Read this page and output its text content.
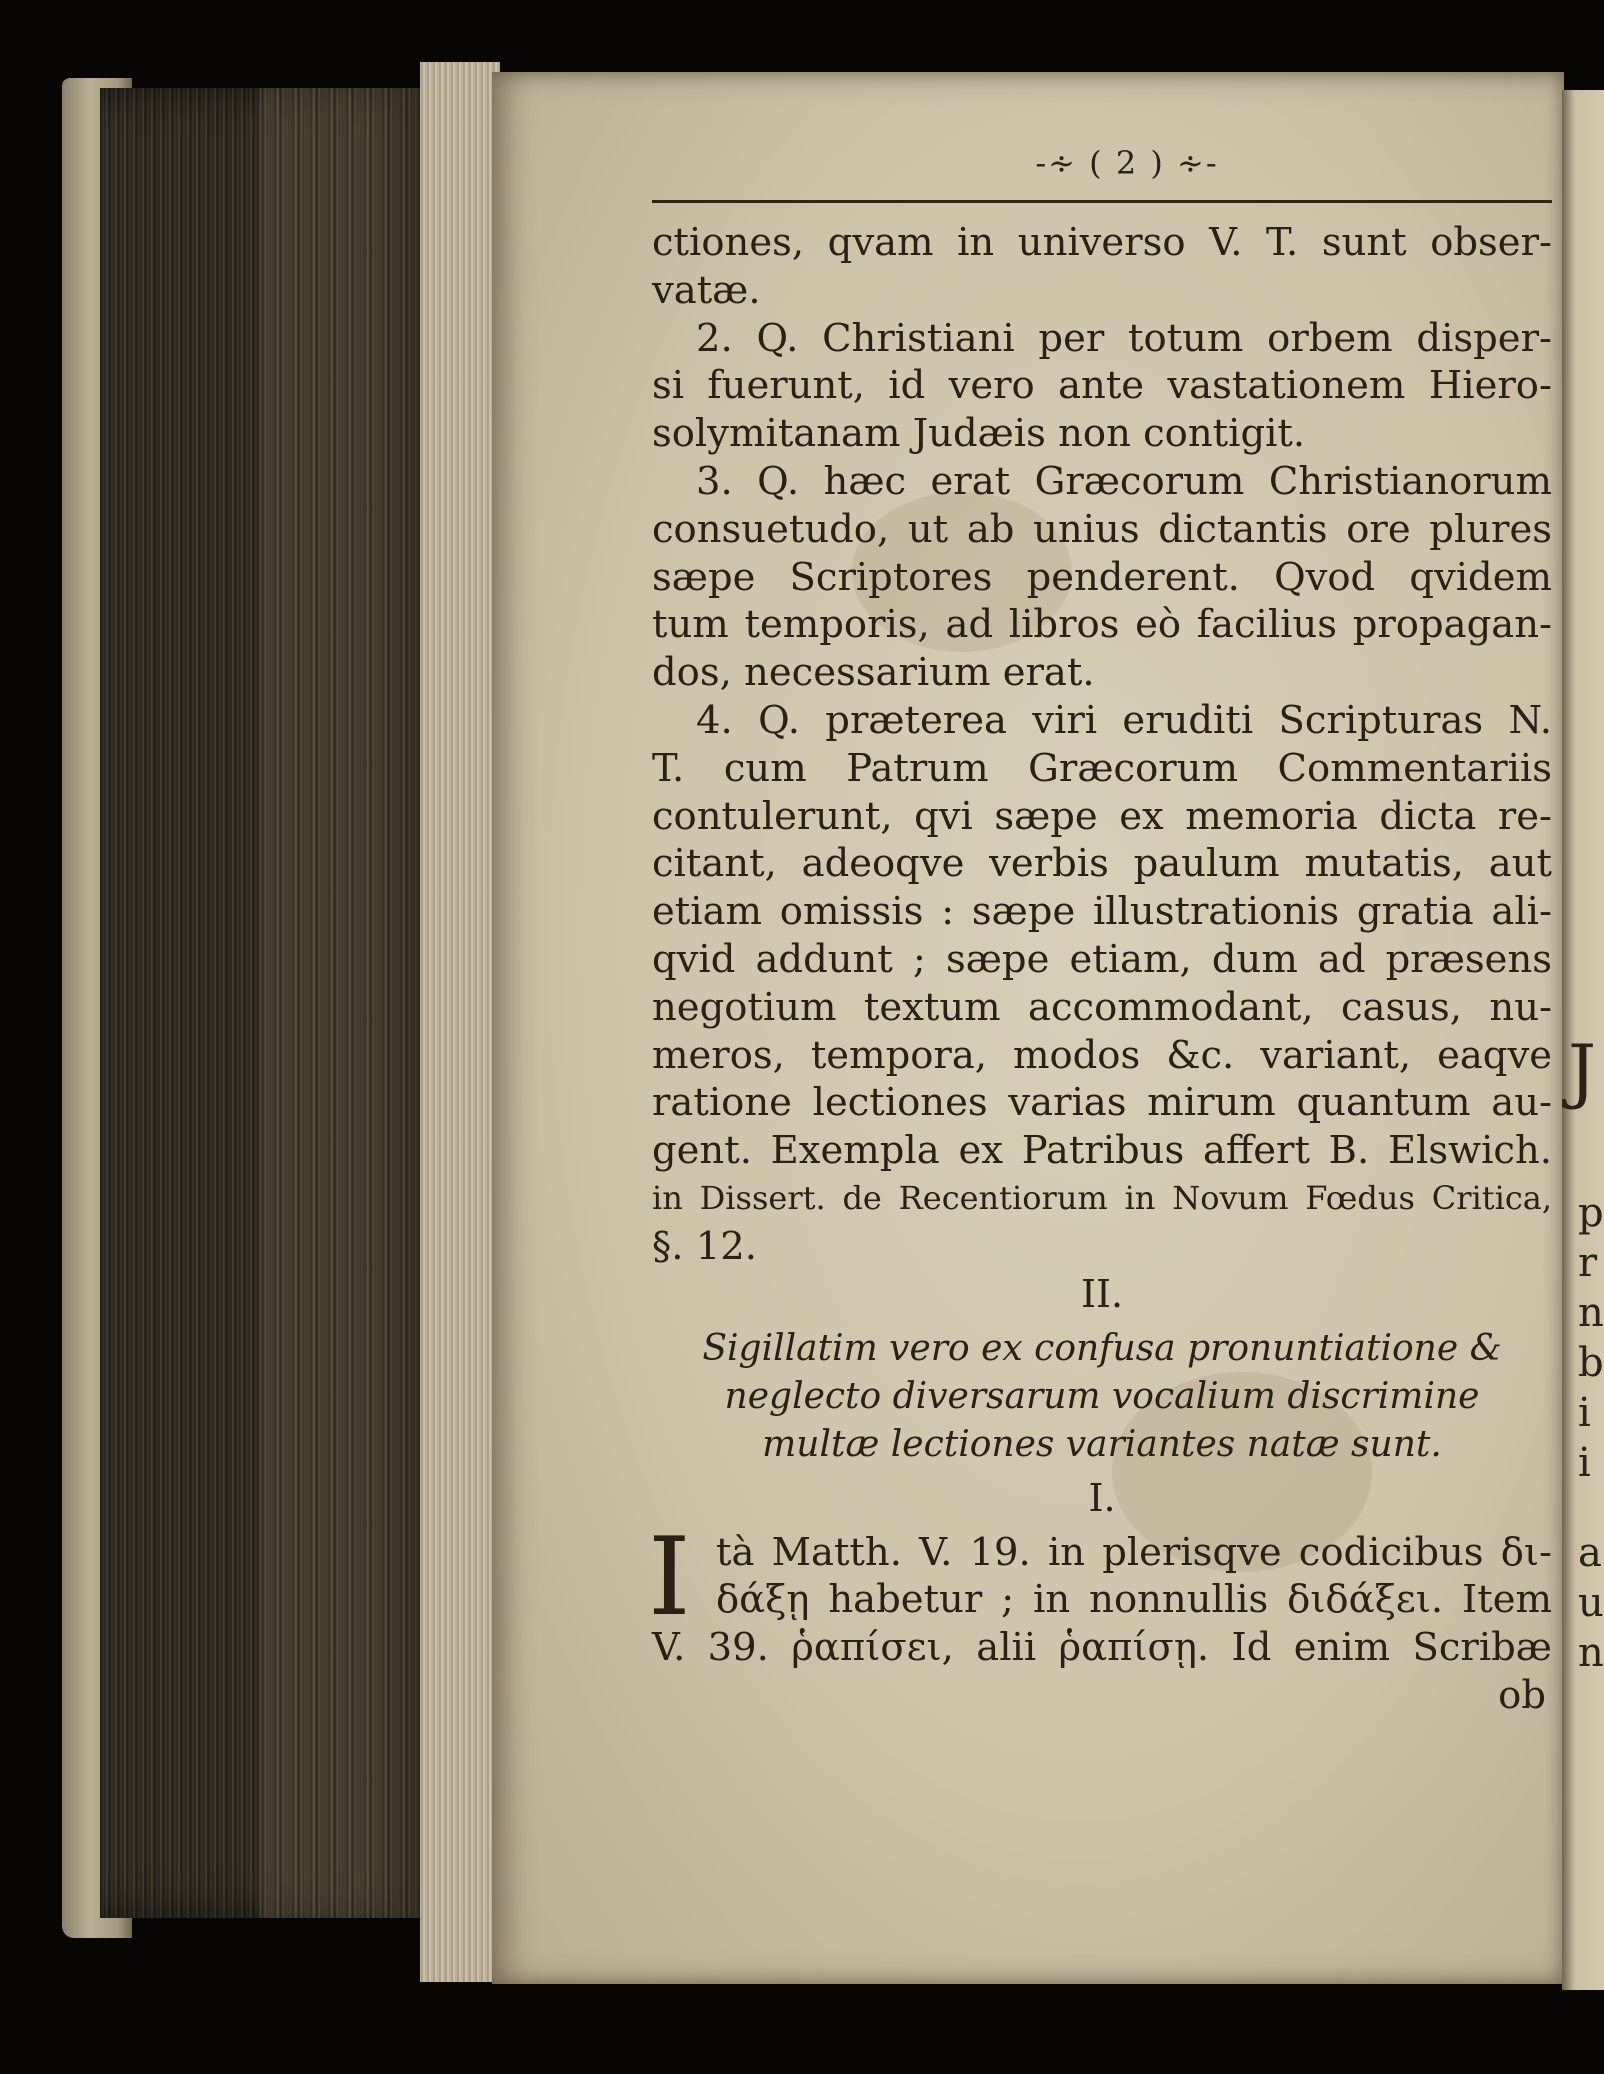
J
p
r
n
b
i
i
a
u
n
-∻ ( 2 ) ∻-
ctiones, qvam in universo V. T. sunt obser-
vatæ.
2. Q. Christiani per totum orbem disper-
si fuerunt, id vero ante vastationem Hiero-
solymitanam Judæis non contigit.
3. Q. hæc erat Græcorum Christianorum
consuetudo, ut ab unius dictantis ore plures
sæpe Scriptores penderent. Qvod qvidem
tum temporis, ad libros eò facilius propagan-
dos, necessarium erat.
4. Q. præterea viri eruditi Scripturas N.
T. cum Patrum Græcorum Commentariis
contulerunt, qvi sæpe ex memoria dicta re-
citant, adeoqve verbis paulum mutatis, aut
etiam omissis : sæpe illustrationis gratia ali-
qvid addunt ; sæpe etiam, dum ad præsens
negotium textum accommodant, casus, nu-
meros, tempora, modos &c. variant, eaqve
ratione lectiones varias mirum quantum au-
gent. Exempla ex Patribus affert B. Elswich.
in Dissert. de Recentiorum in Novum Fœdus Critica,
§. 12.
II.
Sigillatim vero ex confusa pronuntiatione &
neglecto diversarum vocalium discrimine
multæ lectiones variantes natæ sunt.
I.
I tà Matth. V. 19. in plerisqve codicibus δι-
δάξῃ habetur ; in nonnullis διδάξει. Item
V. 39. ῥαπίσει, alii ῥαπίσῃ. Id enim Scribæ
ob
